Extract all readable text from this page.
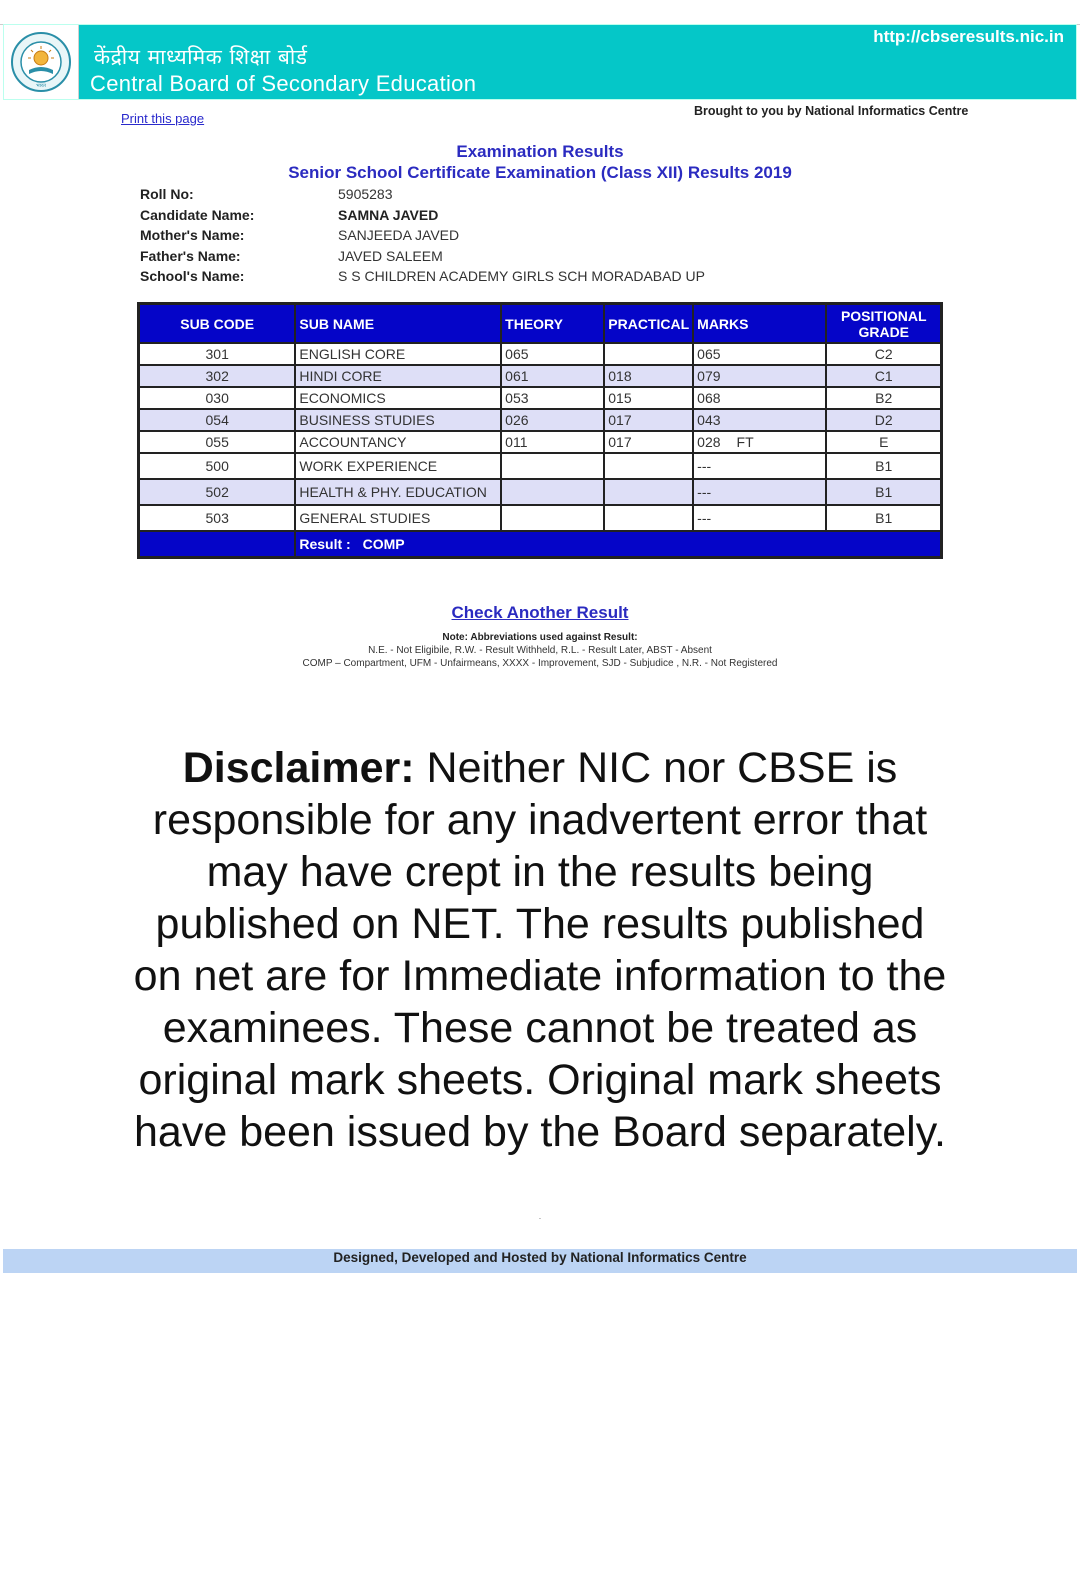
भारत
केंद्रीय माध्यमिक शिक्षा बोर्ड
Central Board of Secondary Education
http://cbseresults.nic.in
Print this page	Brought to you by National Informatics Centre
Examination Results
Senior School Certificate Examination (Class XII) Results 2019
Roll No:	5905283
Candidate Name:	SAMNA JAVED
Mother's Name:	SANJEEDA JAVED
Father's Name:	JAVED SALEEM
School's Name:	S S CHILDREN ACADEMY GIRLS SCH MORADABAD UP
SUB CODE	SUB NAME	THEORY	PRACTICAL	MARKS	POSITIONAL
GRADE

301	ENGLISH CORE	065		065	C2
302	HINDI CORE	061	018	079	C1
030	ECONOMICS	053	015	068	B2
054	BUSINESS STUDIES	026	017	043	D2
055	ACCOUNTANCY	011	017	028 FT	E
500	WORK EXPERIENCE			---	B1
502	HEALTH & PHY. EDUCATION			---	B1
503	GENERAL STUDIES			---	B1
	Result : COMP				
Check Another Result
Note: Abbreviations used against Result:
N.E. - Not Eligibile, R.W. - Result Withheld, R.L. - Result Later, ABST - Absent
COMP – Compartment, UFM - Unfairmeans, XXXX - Improvement, SJD - Subjudice , N.R. - Not Registered
Disclaimer: Neither NIC nor CBSE is responsible for any inadvertent error that may have crept in the results being published on NET. The results published on net are for Immediate information to the examinees. These cannot be treated as original mark sheets. Original mark sheets have been issued by the Board separately.
.
Designed, Developed and Hosted by National Informatics Centre
